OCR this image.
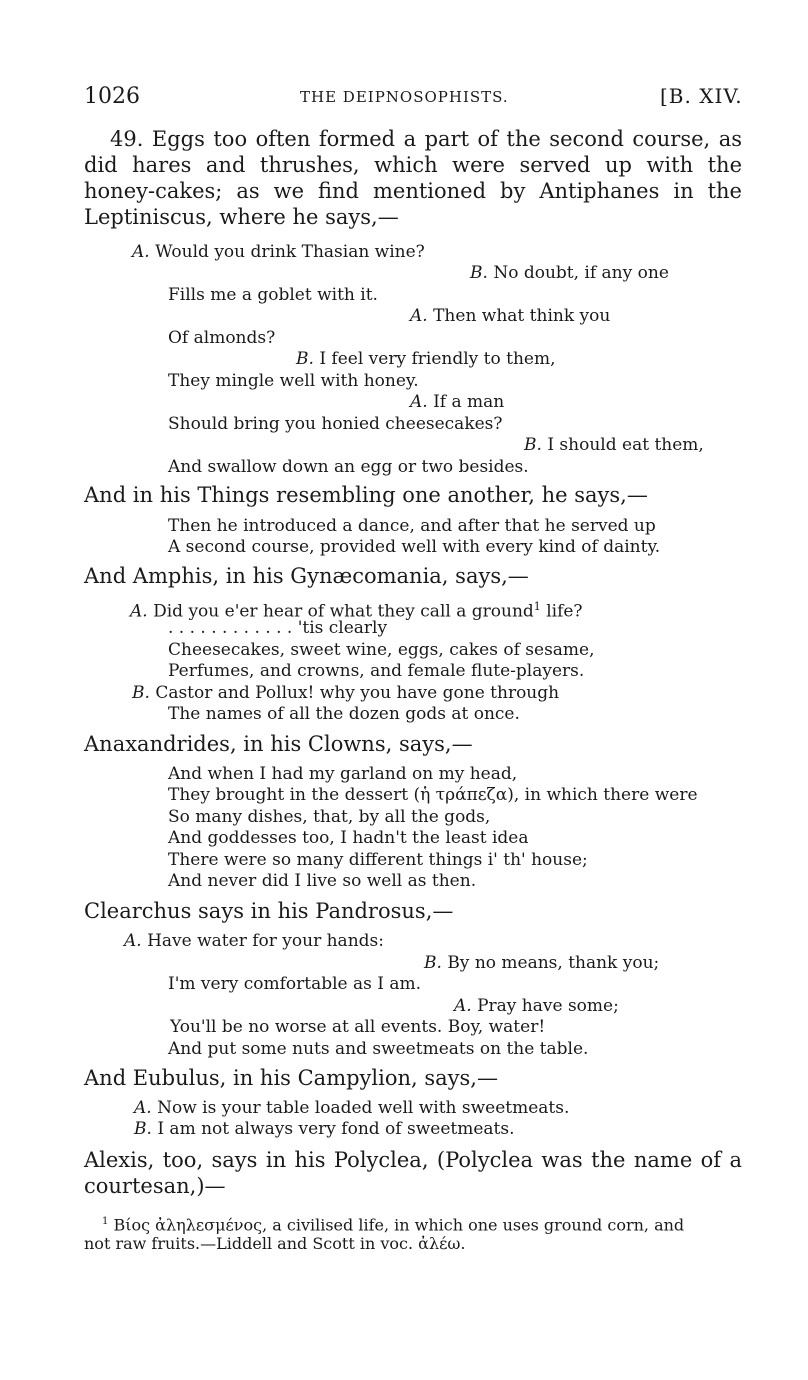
1026	THE DEIPNOSOPHISTS.	[B. XIV.
49. Eggs too often formed a part of the second course, as
did hares and thrushes, which were served up with the
honey-cakes; as we find mentioned by Antiphanes in the
Leptiniscus, where he says,—
A. Would you drink Thasian wine?
B. No doubt, if any one
Fills me a goblet with it.
A. Then what think you
Of almonds?
B. I feel very friendly to them,
They mingle well with honey.
A. If a man
Should bring you honied cheesecakes?
B. I should eat them,
And swallow down an egg or two besides.
And in his Things resembling one another, he says,—
Then he introduced a dance, and after that he served up
A second course, provided well with every kind of dainty.
And Amphis, in his Gynæcomania, says,—
A. Did you e'er hear of what they call a ground$^1$ life?
. . . . . . . . . . . . 'tis clearly
Cheesecakes, sweet wine, eggs, cakes of sesame,
Perfumes, and crowns, and female flute-players.
B. Castor and Pollux! why you have gone through
The names of all the dozen gods at once.
Anaxandrides, in his Clowns, says,—
And when I had my garland on my head,
They brought in the dessert (ἡ τράπεζα), in which there were
So many dishes, that, by all the gods,
And goddesses too, I hadn't the least idea
There were so many different things i' th' house;
And never did I live so well as then.
Clearchus says in his Pandrosus,—
A. Have water for your hands:
B. By no means, thank you;
I'm very comfortable as I am.
A. Pray have some;
You'll be no worse at all events. Boy, water!
And put some nuts and sweetmeats on the table.
And Eubulus, in his Campylion, says,—
A. Now is your table loaded well with sweetmeats.
B. I am not always very fond of sweetmeats.
Alexis, too, says in his Polyclea, (Polyclea was the name of a
courtesan,)—
$^1$ Βίος ἀληλεσμένος, a civilised life, in which one uses ground corn, and
not raw fruits.—Liddell and Scott in voc. ἀλέω.
